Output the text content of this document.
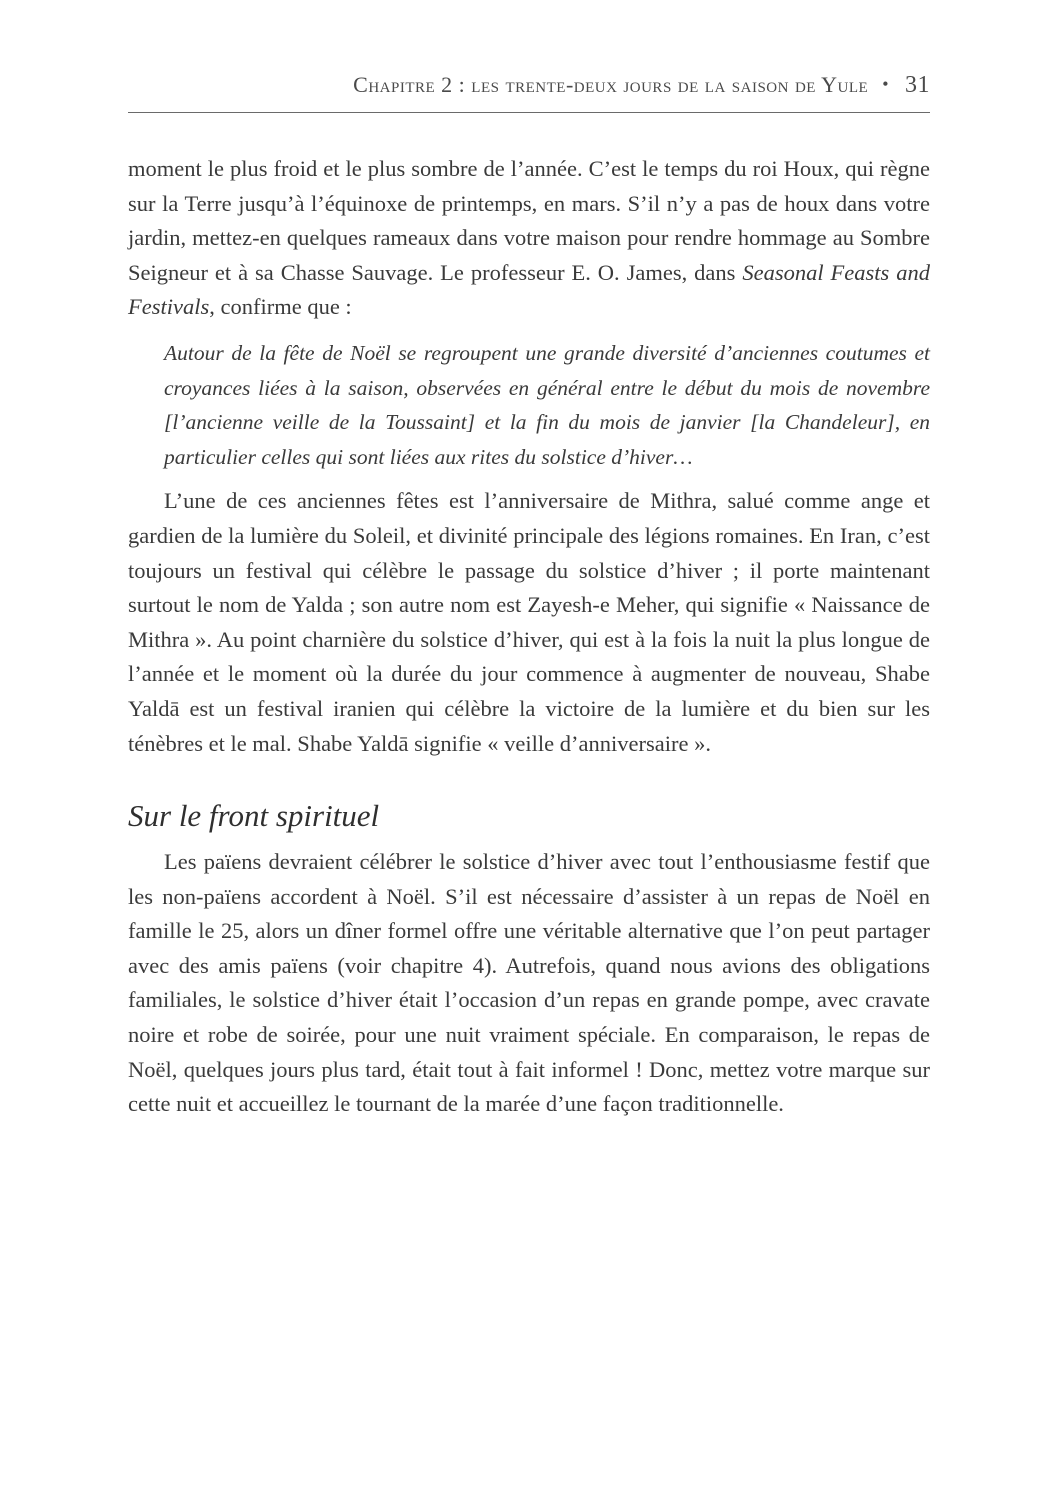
Chapitre 2 : les trente-deux jours de la saison de Yule • 31

moment le plus froid et le plus sombre de l’année. C’est le temps du roi Houx, qui règne sur la Terre jusqu’à l’équinoxe de printemps, en mars. S’il n’y a pas de houx dans votre jardin, mettez-en quelques rameaux dans votre maison pour rendre hommage au Sombre Seigneur et à sa Chasse Sauvage. Le professeur E. O. James, dans Seasonal Feasts and Festivals, confirme que :

Autour de la fête de Noël se regroupent une grande diversité d’anciennes coutumes et croyances liées à la saison, observées en général entre le début du mois de novembre [l’ancienne veille de la Toussaint] et la fin du mois de janvier [la Chandeleur], en particulier celles qui sont liées aux rites du solstice d’hiver…

L’une de ces anciennes fêtes est l’anniversaire de Mithra, salué comme ange et gardien de la lumière du Soleil, et divinité principale des légions romaines. En Iran, c’est toujours un festival qui célèbre le passage du solstice d’hiver ; il porte maintenant surtout le nom de Yalda ; son autre nom est Zayesh-e Meher, qui signifie « Naissance de Mithra ». Au point charnière du solstice d’hiver, qui est à la fois la nuit la plus longue de l’année et le moment où la durée du jour commence à augmenter de nouveau, Shabe Yaldā est un festival iranien qui célèbre la victoire de la lumière et du bien sur les ténèbres et le mal. Shabe Yaldā signifie « veille d’anniversaire ».

Sur le front spirituel

Les païens devraient célébrer le solstice d’hiver avec tout l’enthousiasme festif que les non-païens accordent à Noël. S’il est nécessaire d’assister à un repas de Noël en famille le 25, alors un dîner formel offre une véritable alternative que l’on peut partager avec des amis païens (voir chapitre 4). Autrefois, quand nous avions des obligations familiales, le solstice d’hiver était l’occasion d’un repas en grande pompe, avec cravate noire et robe de soirée, pour une nuit vraiment spéciale. En comparaison, le repas de Noël, quelques jours plus tard, était tout à fait informel ! Donc, mettez votre marque sur cette nuit et accueillez le tournant de la marée d’une façon traditionnelle.
